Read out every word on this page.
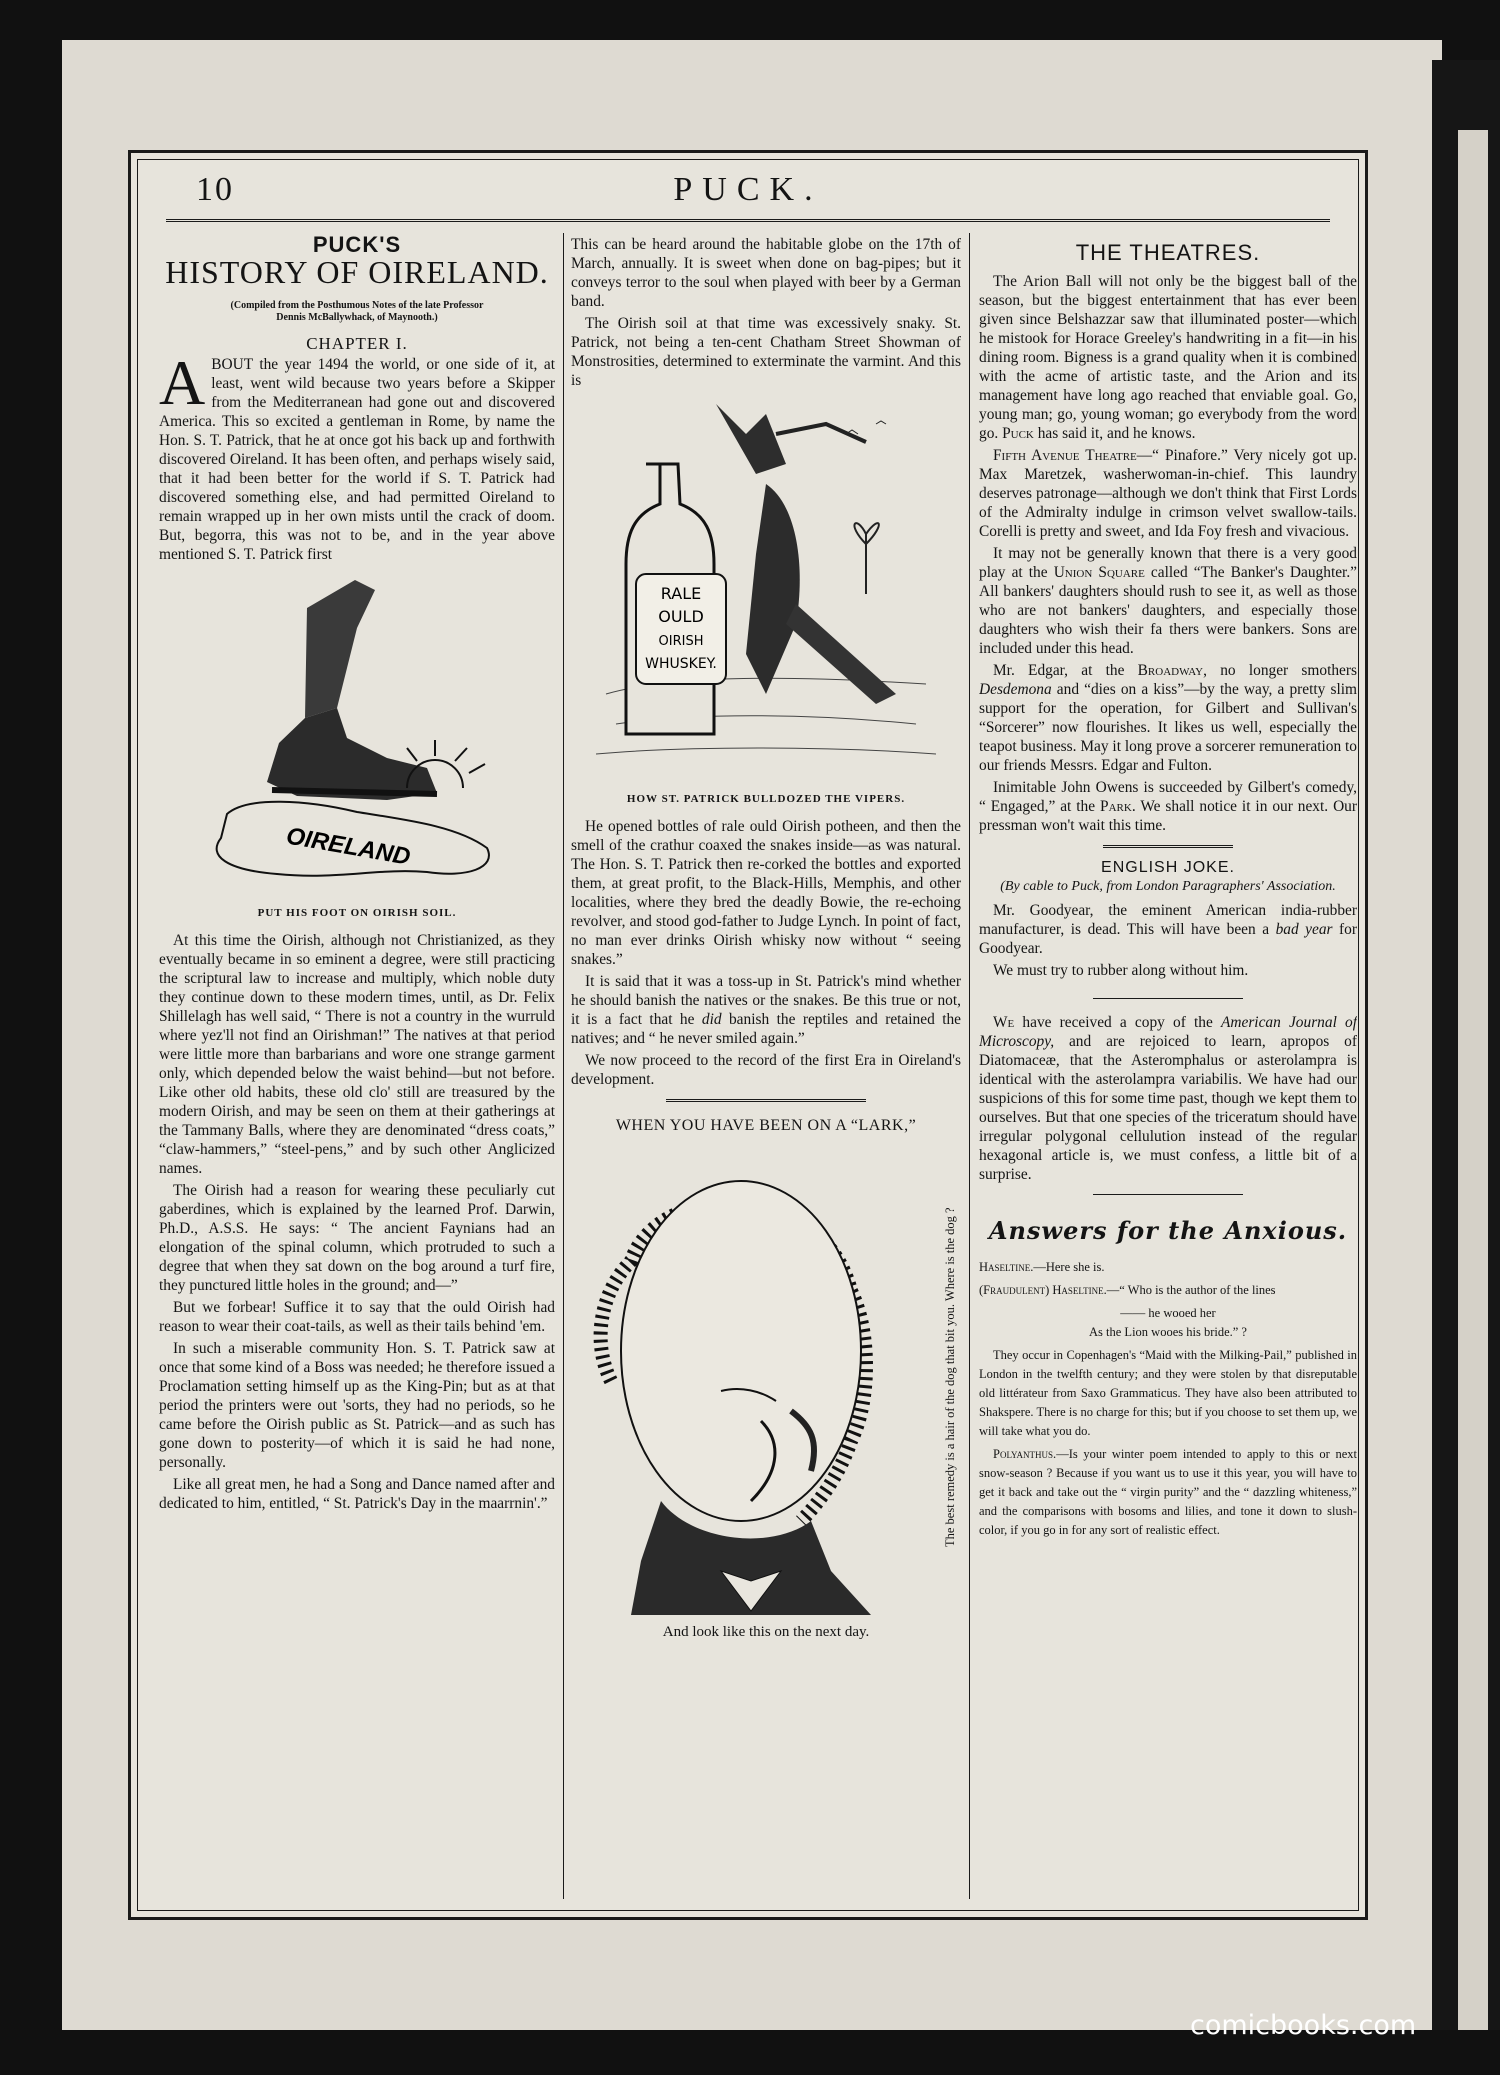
10	PUCK.
PUCK'S
HISTORY OF OIRELAND.
(Compiled from the Posthumous Notes of the late Professor
Dennis McBallywhack, of Maynooth.)
CHAPTER I.

ABOUT the year 1494 the world, or one side of it, at least, went wild because two years before a Skipper from the Mediterranean had gone out and discovered America. This so excited a gentleman in Rome, by name the Hon. S. T. Patrick, that he at once got his back up and forthwith discovered Oireland. It has been often, and perhaps wisely said, that it had been better for the world if S. T. Patrick had discovered something else, and had permitted Oireland to remain wrapped up in her own mists until the crack of doom. But, begorra, this was not to be, and in the year above mentioned S. T. Patrick first

OIRELAND
PUT HIS FOOT ON OIRISH SOIL.

At this time the Oirish, although not Christianized, as they eventually became in so eminent a degree, were still practicing the scriptural law to increase and multiply, which noble duty they continue down to these modern times, until, as Dr. Felix Shillelagh has well said, “ There is not a country in the wurruld where yez'll not find an Oirishman!” The natives at that period were little more than barbarians and wore one strange garment only, which depended below the waist behind—but not before. Like other old habits, these old clo' still are treasured by the modern Oirish, and may be seen on them at their gatherings at the Tammany Balls, where they are denominated “dress coats,” “claw-hammers,” “steel-pens,” and by such other Anglicized names.

The Oirish had a reason for wearing these peculiarly cut gaberdines, which is explained by the learned Prof. Darwin, Ph.D., A.S.S. He says: “ The ancient Faynians had an elongation of the spinal column, which protruded to such a degree that when they sat down on the bog around a turf fire, they punctured little holes in the ground; and—”

But we forbear! Suffice it to say that the ould Oirish had reason to wear their coat-tails, as well as their tails behind 'em.

In such a miserable community Hon. S. T. Patrick saw at once that some kind of a Boss was needed; he therefore issued a Proclamation setting himself up as the King-Pin; but as at that period the printers were out 'sorts, they had no periods, so he came before the Oirish public as St. Patrick—and as such has gone down to posterity—of which it is said he had none, personally.

Like all great men, he had a Song and Dance named after and dedicated to him, entitled, “ St. Patrick's Day in the maarrnin'.”

This can be heard around the habitable globe on the 17th of March, annually. It is sweet when done on bag-pipes; but it conveys terror to the soul when played with beer by a German band.

The Oirish soil at that time was excessively snaky. St. Patrick, not being a ten-cent Chatham Street Showman of Monstrosities, determined to exterminate the varmint. And this is

RALE
OULD
OIRISH
WHUSKEY.
HOW ST. PATRICK BULLDOZED THE VIPERS.

He opened bottles of rale ould Oirish potheen, and then the smell of the crathur coaxed the snakes inside—as was natural. The Hon. S. T. Patrick then re-corked the bottles and exported them, at great profit, to the Black-Hills, Memphis, and other localities, where they bred the deadly Bowie, the re-echoing revolver, and stood god-father to Judge Lynch. In point of fact, no man ever drinks Oirish whisky now without “ seeing snakes.”

It is said that it was a toss-up in St. Patrick's mind whether he should banish the natives or the snakes. Be this true or not, it is a fact that he did banish the reptiles and retained the natives; and “ he never smiled again.”

We now proceed to the record of the first Era in Oireland's development.

WHEN YOU HAVE BEEN ON A “LARK,”
The best remedy is a hair of the dog that bit you. Where is the dog ?
And look like this on the next day.
THE THEATRES.

The Arion Ball will not only be the biggest ball of the season, but the biggest entertainment that has ever been given since Belshazzar saw that illuminated poster—which he mistook for Horace Greeley's handwriting in a fit—in his dining room. Bigness is a grand quality when it is combined with the acme of artistic taste, and the Arion and its management have long ago reached that enviable goal. Go, young man; go, young woman; go everybody from the word go. Puck has said it, and he knows.

Fifth Avenue Theatre—“ Pinafore.” Very nicely got up. Max Maretzek, washerwoman-in-chief. This laundry deserves patronage—although we don't think that First Lords of the Admiralty indulge in crimson velvet swallow-tails. Corelli is pretty and sweet, and Ida Foy fresh and vivacious.

It may not be generally known that there is a very good play at the Union Square called “The Banker's Daughter.” All bankers' daughters should rush to see it, as well as those who are not bankers' daughters, and especially those daughters who wish their fa thers were bankers. Sons are included under this head.

Mr. Edgar, at the Broadway, no longer smothers Desdemona and “dies on a kiss”—by the way, a pretty slim support for the operation, for Gilbert and Sullivan's “Sorcerer” now flourishes. It likes us well, especially the teapot business. May it long prove a sorcerer remuneration to our friends Messrs. Edgar and Fulton.

Inimitable John Owens is succeeded by Gilbert's comedy, “ Engaged,” at the Park. We shall notice it in our next. Our pressman won't wait this time.

ENGLISH JOKE.
(By cable to Puck, from London Paragraphers' Association.

Mr. Goodyear, the eminent American india-rubber manufacturer, is dead. This will have been a bad year for Goodyear.

We must try to rubber along without him.

We have received a copy of the American Journal of Microscopy, and are rejoiced to learn, apropos of Diatomaceæ, that the Asteromphalus or asterolampra is identical with the asterolampra variabilis. We have had our suspicions of this for some time past, though we kept them to ourselves. But that one species of the triceratum should have irregular polygonal cellulution instead of the regular hexagonal article is, we must confess, a little bit of a surprise.

Answers for the Anxious.

Haseltine.—Here she is.

(Fraudulent) Haseltine.—“ Who is the author of the lines

—— he wooed her

As the Lion wooes his bride.” ?

They occur in Copenhagen's “Maid with the Milking-Pail,” published in London in the twelfth century; and they were stolen by that disreputable old littérateur from Saxo Grammaticus. They have also been attributed to Shakspere. There is no charge for this; but if you choose to set them up, we will take what you do.

Polyanthus.—Is your winter poem intended to apply to this or next snow-season ? Because if you want us to use it this year, you will have to get it back and take out the “ virgin purity” and the “ dazzling whiteness,” and the comparisons with bosoms and lilies, and tone it down to slush-color, if you go in for any sort of realistic effect.

comicbooks.com
